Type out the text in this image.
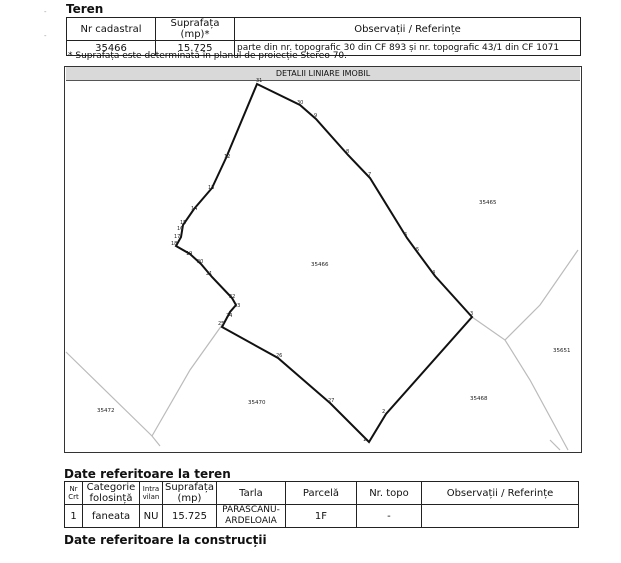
-
-
Teren
Nr cadastral	Suprafața (mp)*	Observații / Referințe
35466	15.725	parte din nr. topografic 30 din CF 893 și nr. topografic 43/1 din CF 1071
* Suprafața este determinată în planul de proiecție Stereo 70.
DETALII LINIARE IMOBIL
31
30
9
8
7
6
5
4
3
2
1
27
26
25
24
23
22
21
20
19
18
17
16
15
14
13
12
35466
35465
35651
35468
35470
35472
Date referitoare la teren
Nr Crt	Categorie folosință	Intra vilan	Suprafața (mp)	Tarla	Parcelă	Nr. topo	Observații / Referințe
1	faneata	NU	15.725	PARASCANU-ARDELOAIA	1F	-	
Date referitoare la construcții
